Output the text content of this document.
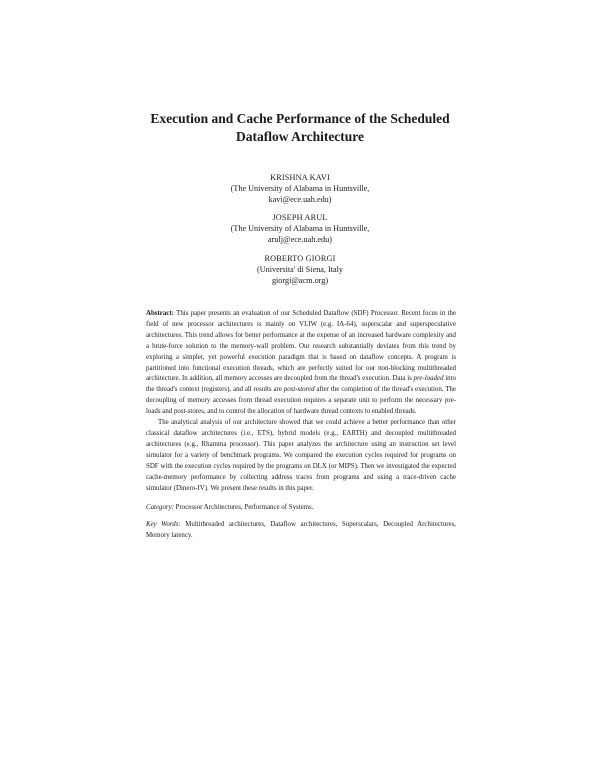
Execution and Cache Performance of the Scheduled
Dataflow Architecture
KRISHNA KAVI
(The University of Alabama in Huntsville,
kavi@ece.uah.edu)
JOSEPH ARUL
(The University of Alabama in Huntsville,
arulj@ece.uah.edu)
ROBERTO GIORGI
(Universita' di Siena, Italy
giorgi@acm.org)

Abstract: This paper presents an evaluation of our Scheduled Dataflow (SDF) Processor. Recent focus in the field of new processor architectures is mainly on VLIW (e.g. IA-64), superscalar and superspeculative architectures. This trend allows for better performance at the expense of an increased hardware complexity and a brute-force solution to the memory-wall problem. Our research substantially deviates from this trend by exploring a simpler, yet powerful execution paradigm that is based on dataflow concepts. A program is partitioned into functional execution threads, which are perfectly suited for our non-blocking multithreaded architecture. In addition, all memory accesses are decoupled from the thread's execution. Data is pre-loaded into the thread's context (registers), and all results are post-stored after the completion of the thread's execution. The decoupling of memory accesses from thread execution requires a separate unit to perform the necessary pre-loads and post-stores, and to control the allocation of hardware thread contexts to enabled threads.

The analytical analysis of our architecture showed that we could achieve a better performance than other classical dataflow architectures (i.e., ETS), hybrid models (e.g., EARTH) and decoupled multithreaded architectures (e.g., Rhamma processor). This paper analyzes the architecture using an instruction set level simulator for a variety of benchmark programs. We compared the execution cycles required for programs on SDF with the execution cycles required by the programs on DLX (or MIPS). Then we investigated the expected cache-memory performance by collecting address traces from programs and using a trace-driven cache simulator (Dinero-IV). We present these results in this paper.

Category: Processor Architectures, Performance of Systems.
Key Words: Multithreaded architectures, Dataflow architectures, Superscalars, Decoupled Architectures, Memory latency.
